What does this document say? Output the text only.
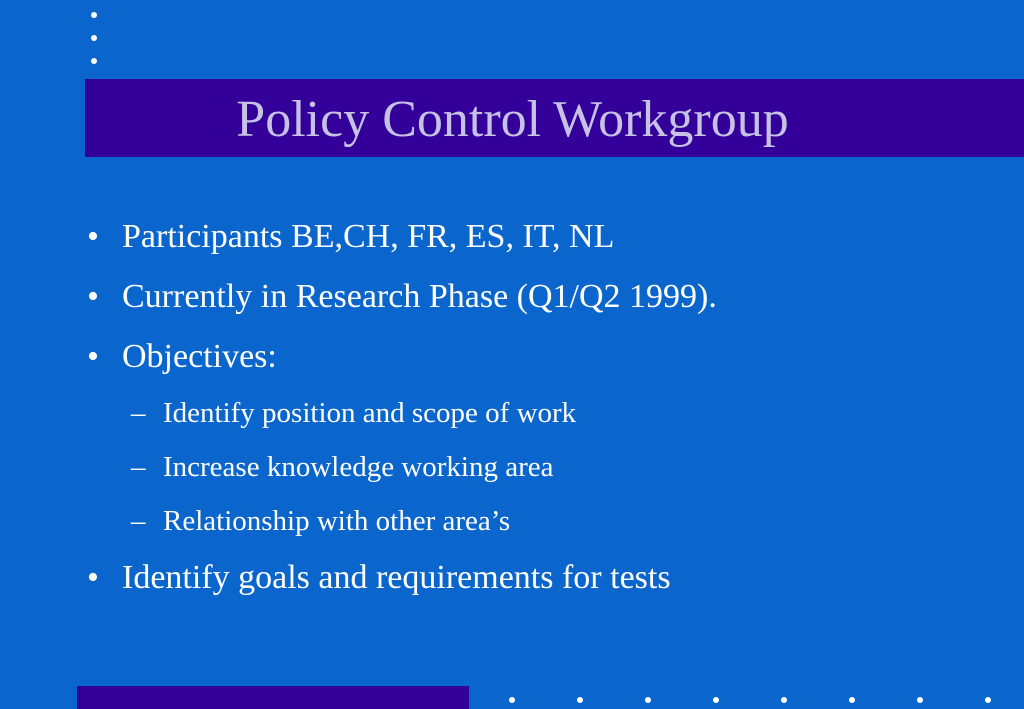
Policy Control Workgroup
• Participants BE,CH, FR, ES, IT, NL
• Currently in Research Phase (Q1/Q2 1999).
• Objectives:
– Identify position and scope of work
– Increase knowledge working area
– Relationship with other area’s
• Identify goals and requirements for tests
